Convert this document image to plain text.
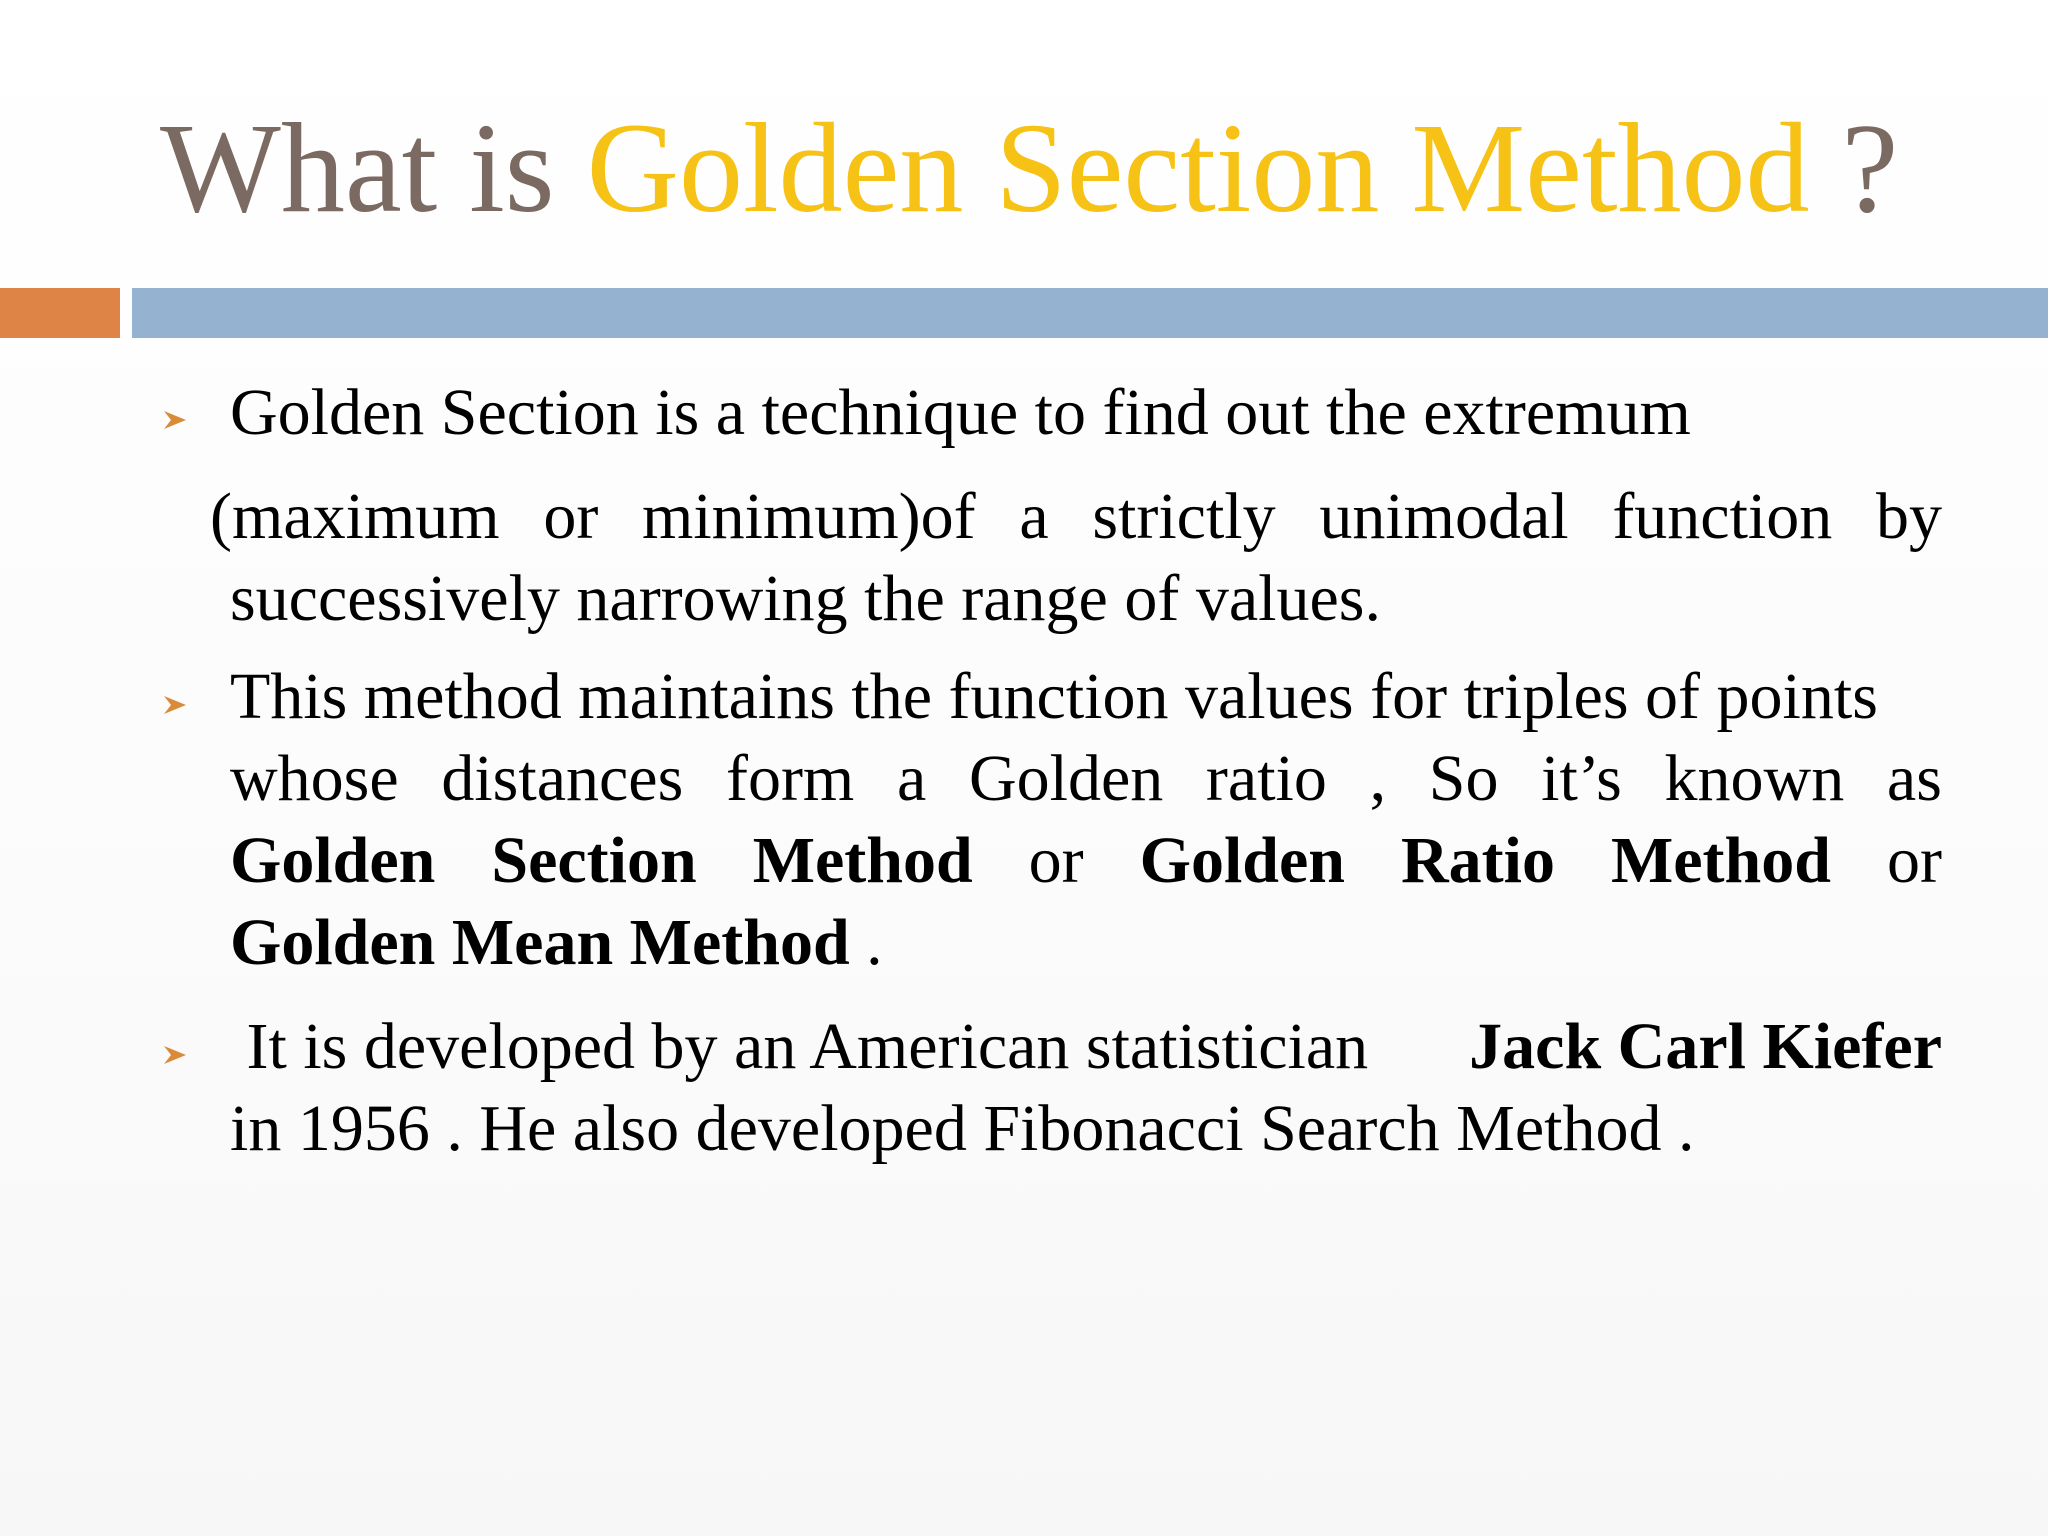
What is Golden Section Method ?
Golden Section is a technique to find out the extremum
(maximum or minimum)of a strictly unimodal function by
successively narrowing the range of values.
This method maintains the function values for triples of points
whose distances form a Golden ratio , So it’s known as
Golden Section Method or Golden Ratio Method or
Golden Mean Method .
It is developed by an American statistician Jack Carl Kiefer
in 1956 . He also developed Fibonacci Search Method .
